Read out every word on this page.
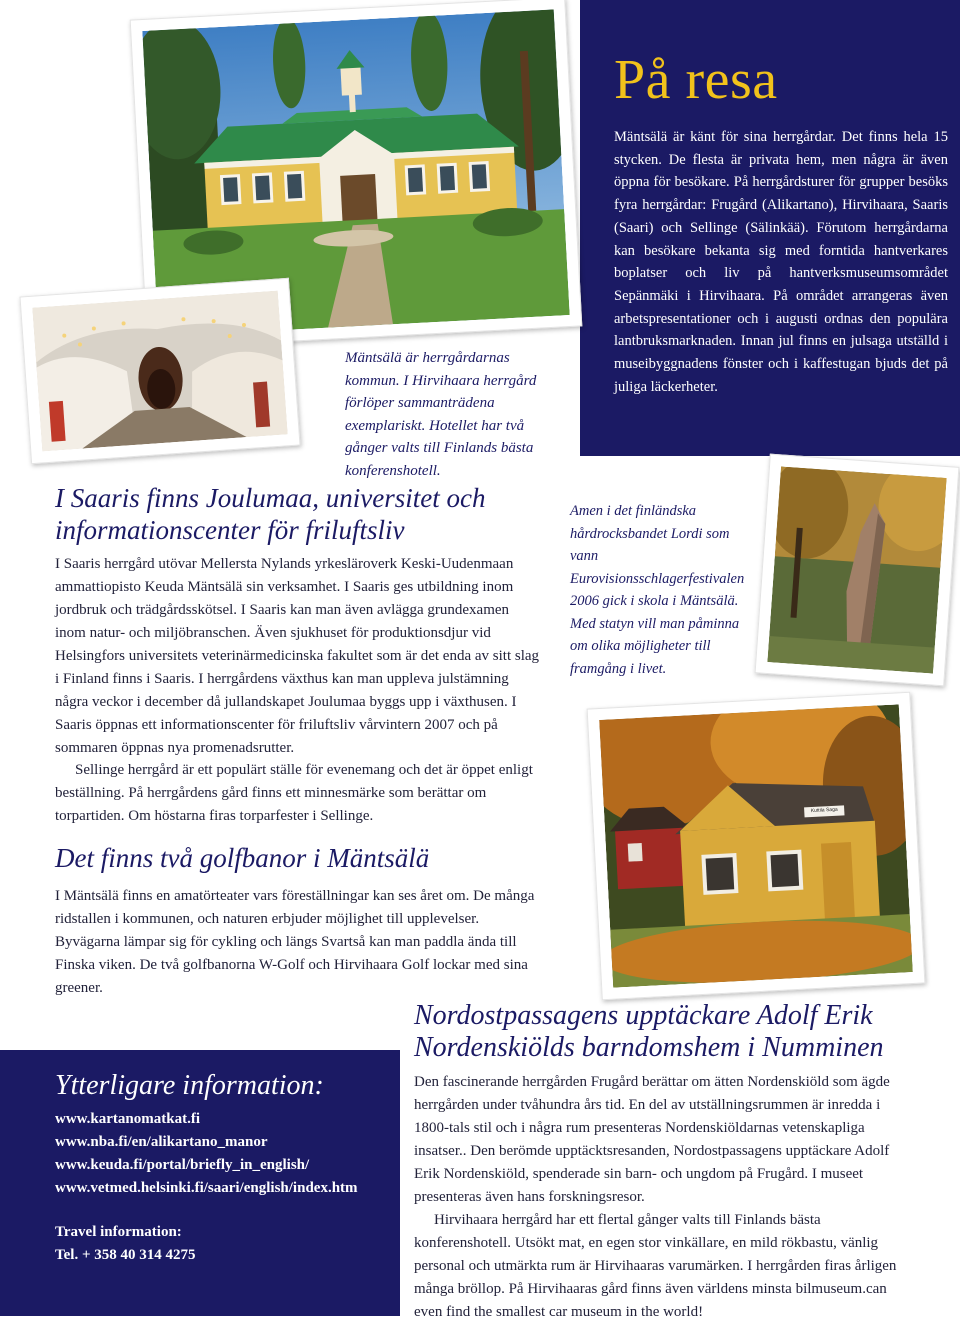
På resa

Mäntsälä är känt för sina herrgårdar. Det finns hela 15 stycken. De flesta är privata hem, men några är även öppna för besökare. På herrgårdsturer för grupper besöks fyra herrgårdar: Frugård (Alikartano), Hirvihaara, Saaris (Saari) och Sellinge (Sälinkää). Förutom herrgårdarna kan besökare bekanta sig med forntida hantverkares boplatser och liv på hantverksmuseumsområdet Sepänmäki i Hirvihaara. På området arrangeras även arbetspresentationer och i augusti ordnas den populära lantbruksmarknaden. Innan jul finns en julsaga utställd i museibyggnadens fönster och i kaffestugan bjuds det på juliga läckerheter.

Mäntsälä är herrgårdarnas kommun. I Hirvihaara herrgård förlöper sammanträdena exemplariskt. Hotellet har två gånger valts till Finlands bästa konferenshotell.

I Saaris finns Joulumaa, universitet och
informationscenter för friluftsliv

I Saaris herrgård utövar Mellersta Nylands yrkesläroverk Keski-Uudenmaan ammattiopisto Keuda Mäntsälä sin verksamhet. I Saaris ges utbildning inom jordbruk och trädgårdsskötsel. I Saaris kan man även avlägga grundexamen inom natur- och miljöbranschen. Även sjukhuset för produktionsdjur vid Helsingfors universitets veterinärmedicinska fakultet som är det enda av sitt slag i Finland finns i Saaris. I herrgårdens växthus kan man uppleva julstämning några veckor i december då jullandskapet Joulumaa byggs upp i växthusen. I Saaris öppnas ett informationscenter för friluftsliv vårvintern 2007 och på sommaren öppnas nya promenadsrutter.

Sellinge herrgård är ett populärt ställe för evenemang och det är öppet enligt beställning. På herrgårdens gård finns ett minnesmärke som berättar om torpartiden. Om höstarna firas torparfester i Sellinge.

Amen i det finländska hårdrocksbandet Lordi som vann Eurovisionsschlagerfestivalen 2006 gick i skola i Mäntsälä. Med statyn vill man påminna om olika möjligheter till framgång i livet.

Kuttila Saga
Det finns två golfbanor i Mäntsälä

I Mäntsälä finns en amatörteater vars föreställningar kan ses året om. De många ridstallen i kommunen, och naturen erbjuder möjlighet till upplevelser. Byvägarna lämpar sig för cykling och längs Svartså kan man paddla ända till Finska viken. De två golfbanorna W-Golf och Hirvihaara Golf lockar med sina greener.

Nordostpassagens upptäckare Adolf Erik
Nordenskiölds barndomshem i Numminen

Den fascinerande herrgården Frugård berättar om ätten Nordenskiöld som ägde herrgården under tvåhundra års tid. En del av utställningsrummen är inredda i 1800-tals stil och i några rum presenteras Nordenskiöldarnas vetenskapliga insatser.. Den berömde upptäcktsresanden, Nordostpassagens upptäckare Adolf Erik Nordenskiöld, spenderade sin barn- och ungdom på Frugård. I museet presenteras även hans forskningsresor.

Hirvihaara herrgård har ett flertal gånger valts till Finlands bästa konferenshotell. Utsökt mat, en egen stor vinkällare, en mild rökbastu, vänlig personal och utmärkta rum är Hirvihaaras varumärken. I herrgården firas årligen många bröllop. På Hirvihaaras gård finns även världens minsta bilmuseum.can even find the smallest car museum in the world!

Ytterligare information:
www.kartanomatkat.fi
www.nba.fi/en/alikartano_manor
www.keuda.fi/portal/briefly_in_english/
www.vetmed.helsinki.fi/saari/english/index.htm
Travel information:
Tel. + 358 40 314 4275
